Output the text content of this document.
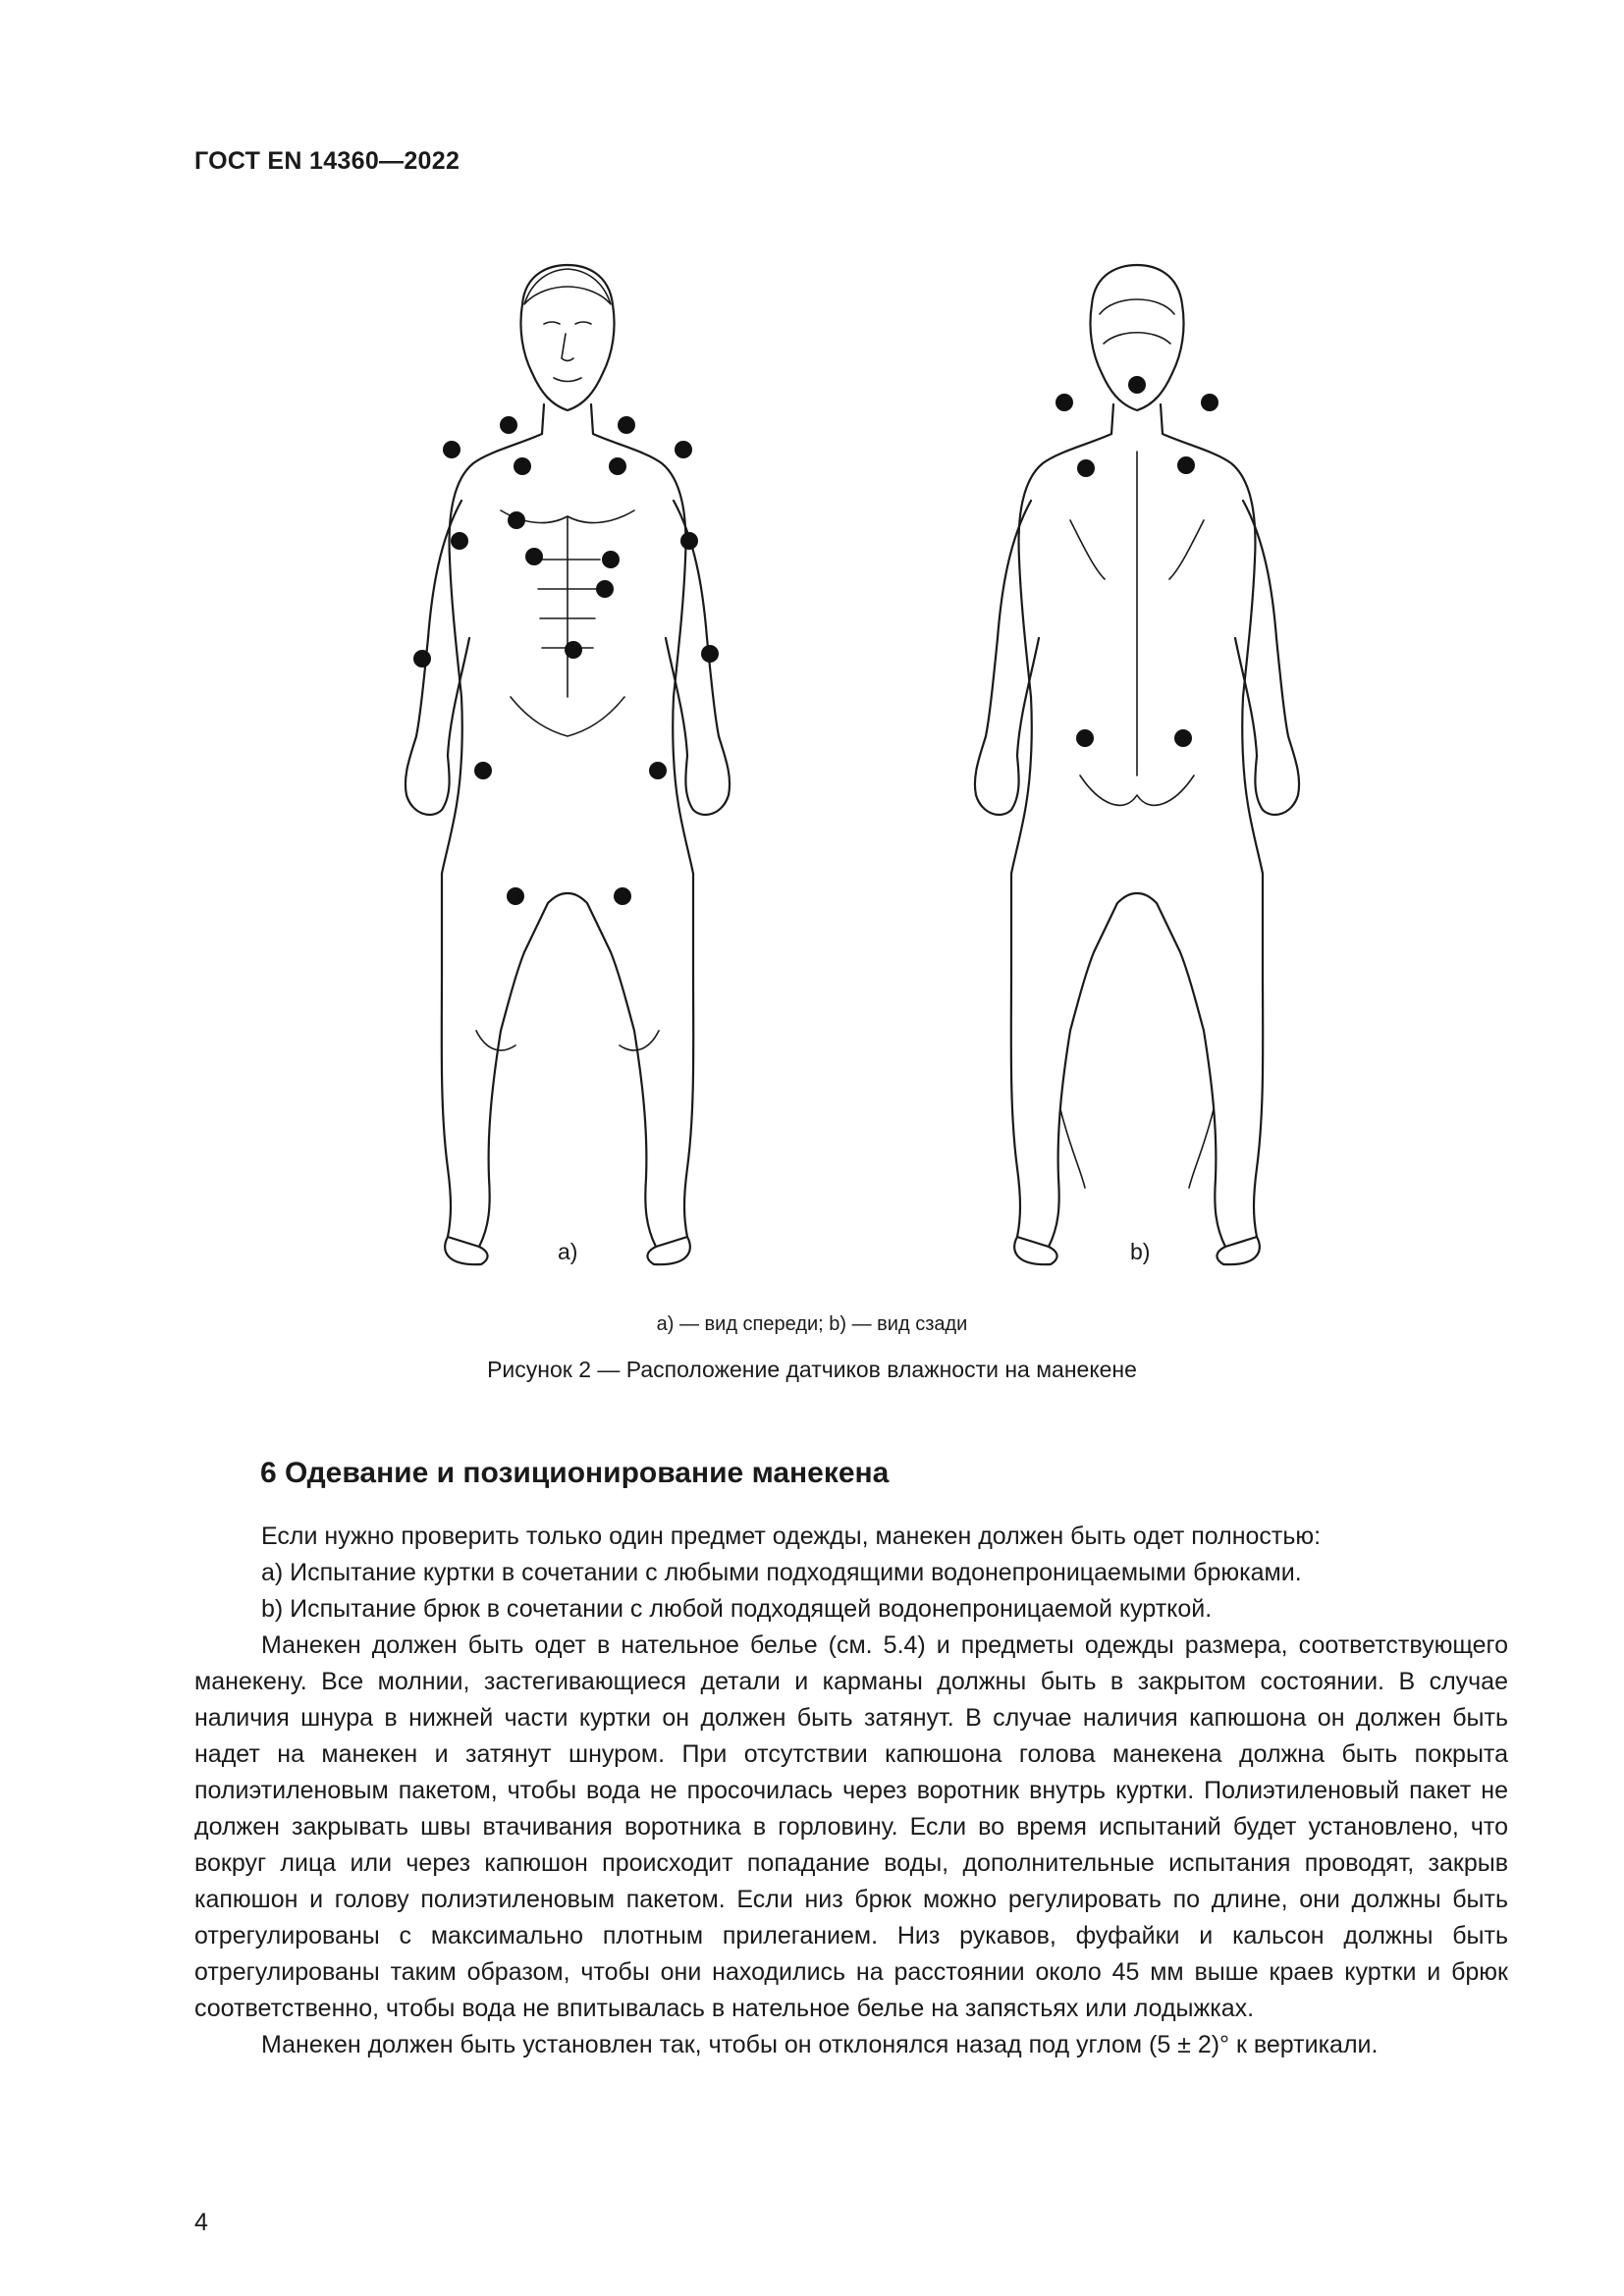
ГОСТ EN 14360—2022
a)	b)
а) — вид спереди; b) — вид сзади
Рисунок 2 — Расположение датчиков влажности на манекене
6 Одевание и позиционирование манекена

Если нужно проверить только один предмет одежды, манекен должен быть одет полностью:

а) Испытание куртки в сочетании с любыми подходящими водонепроницаемыми брюками.

b) Испытание брюк в сочетании с любой подходящей водонепроницаемой курткой.

Манекен должен быть одет в нательное белье (см. 5.4) и предметы одежды размера, соответствующего манекену. Все молнии, застегивающиеся детали и карманы должны быть в закрытом состоянии. В случае наличия шнура в нижней части куртки он должен быть затянут. В случае наличия капюшона он должен быть надет на манекен и затянут шнуром. При отсутствии капюшона голова манекена должна быть покрыта полиэтиленовым пакетом, чтобы вода не просочилась через воротник внутрь куртки. Полиэтиленовый пакет не должен закрывать швы втачивания воротника в горловину. Если во время испытаний будет установлено, что вокруг лица или через капюшон происходит попадание воды, дополнительные испытания проводят, закрыв капюшон и голову полиэтиленовым пакетом. Если низ брюк можно регулировать по длине, они должны быть отрегулированы с максимально плотным прилеганием. Низ рукавов, фуфайки и кальсон должны быть отрегулированы таким образом, чтобы они находились на расстоянии около 45 мм выше краев куртки и брюк соответственно, чтобы вода не впитывалась в нательное белье на запястьях или лодыжках.

Манекен должен быть установлен так, чтобы он отклонялся назад под углом (5 ± 2)° к вертикали.

4
